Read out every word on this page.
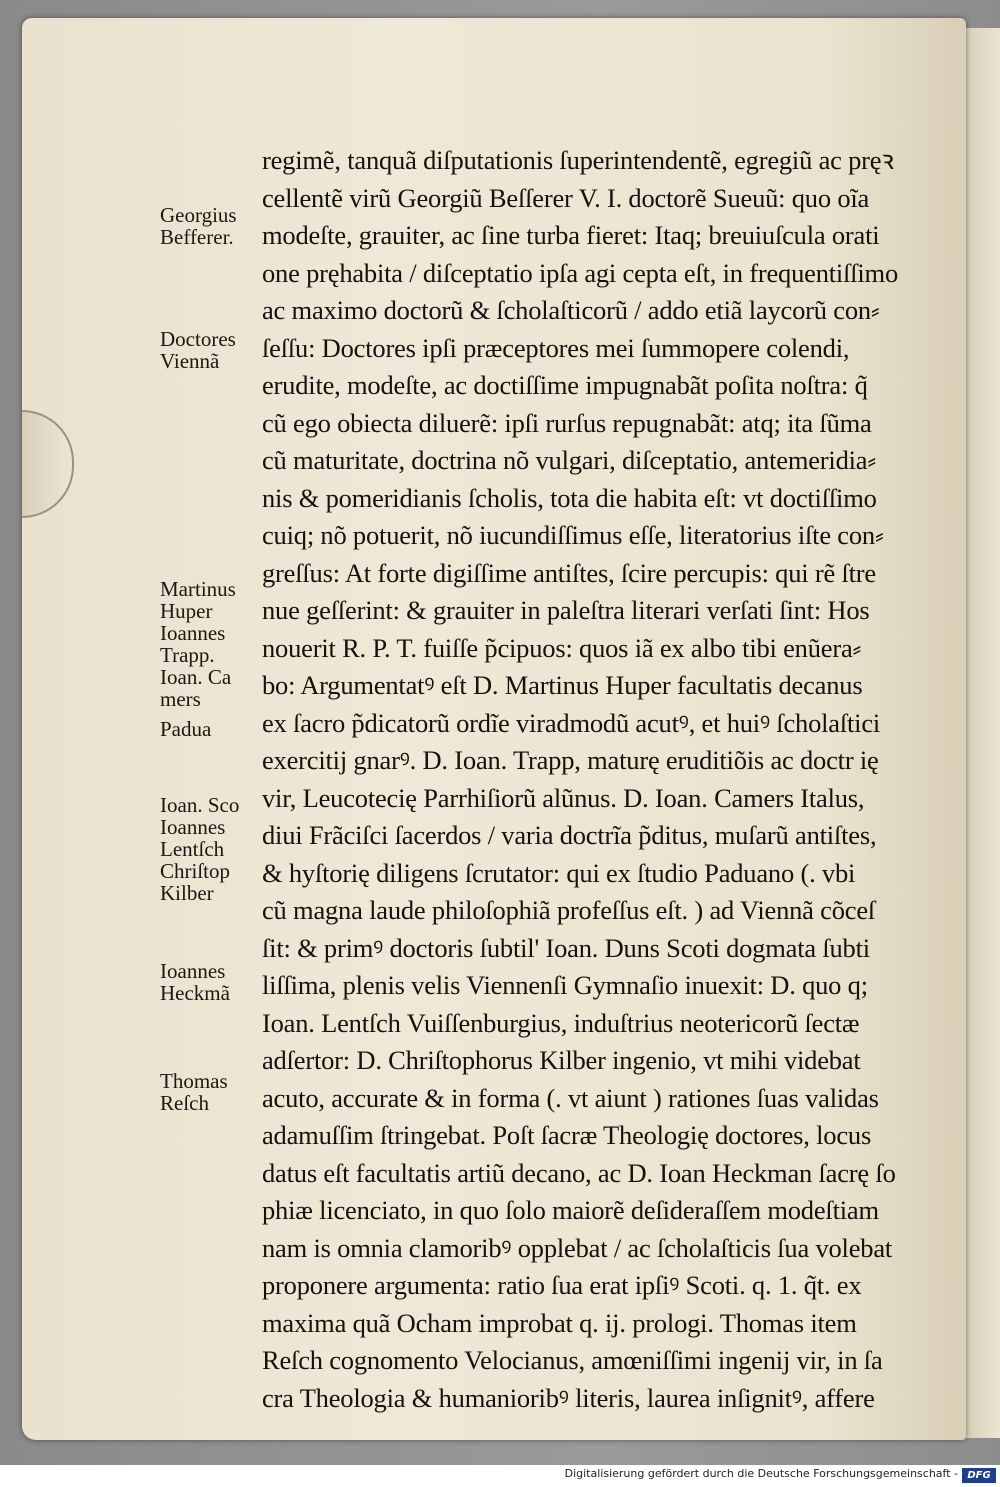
Georgius
Befferer.
Doctores
Viennã
Martinus
Huper
Ioannes
Trapp.
Ioan. Ca
mers
Padua
Ioan. Sco
Ioannes
Lentſch
Chriſtop
Kilber
Ioannes
Heckmã
Thomas
Reſch
regimẽ, tanquã diſputationis ſuperintendentẽ, egregiũ ac pręꝛ
cellentẽ virũ Georgiũ Beſſerer V. I. doctorẽ Sueuũ: quo oĩa
modeſte, grauiter, ac ſine turba fieret: Itaq; breuiuſcula orati
one pręhabita / diſceptatio ipſa agi cepta eſt, in frequentiſſimo
ac maximo doctorũ & ſcholaſticorũ / addo etiã laycorũ con⸗
ſeſſu: Doctores ipſi præceptores mei ſummopere colendi,
erudite, modeſte, ac doctiſſime impugnabãt poſita noſtra: q̃
cũ ego obiecta diluerẽ: ipſi rurſus repugnabãt: atq; ita ſũma
cũ maturitate, doctrina nõ vulgari, diſceptatio, antemeridia⸗
nis & pomeridianis ſcholis, tota die habita eſt: vt doctiſſimo
cuiq; nõ potuerit, nõ iucundiſſimus eſſe, literatorius iſte con⸗
greſſus: At forte digiſſime antiſtes, ſcire percupis: qui rẽ ſtre
nue geſſerint: & grauiter in paleſtra literari verſati ſint: Hos
nouerit R. P. T. fuiſſe p̃cipuos: quos iã ex albo tibi enũera⸗
bo: Argumentatꝰ eſt D. Martinus Huper facultatis decanus
ex ſacro p̃dicatorũ ordĩe viradmodũ acutꝰ, et huiꝰ ſcholaſtici
exercitij gnarꝰ. D. Ioan. Trapp, maturę eruditiõis ac doctr ię
vir, Leucotecię Parrhiſiorũ alũnus. D. Ioan. Camers Italus,
diui Frãciſci ſacerdos / varia doctrĩa p̃ditus, muſarũ antiſtes,
& hyſtorię diligens ſcrutator: qui ex ſtudio Paduano (. vbi
cũ magna laude philoſophiã profeſſus eſt. ) ad Viennã cõceſ
ſit: & primꝰ doctoris ſubtil' Ioan. Duns Scoti dogmata ſubti
liſſima, plenis velis Viennenſi Gymnaſio inuexit: D. quo q;
Ioan. Lentſch Vuiſſenburgius, induſtrius neotericorũ ſectæ
adſertor: D. Chriſtophorus Kilber ingenio, vt mihi videbat
acuto, accurate & in forma (. vt aiunt ) rationes ſuas validas
adamuſſim ſtringebat. Poſt ſacræ Theologię doctores, locus
datus eſt facultatis artiũ decano, ac D. Ioan Heckman ſacrę ſo
phiæ licenciato, in quo ſolo maiorẽ deſideraſſem modeſtiam
nam is omnia clamoribꝰ opplebat / ac ſcholaſticis ſua volebat
proponere argumenta: ratio ſua erat ipſiꝰ Scoti. q. 1. q̃t. ex
maxima quã Ocham improbat q. ij. prologi. Thomas item
Reſch cognomento Velocianus, amœniſſimi ingenij vir, in ſa
cra Theologia & humanioribꝰ literis, laurea inſignitꝰ, affere
Digitalisierung gefördert durch die Deutsche Forschungsgemeinschaft - DFG
